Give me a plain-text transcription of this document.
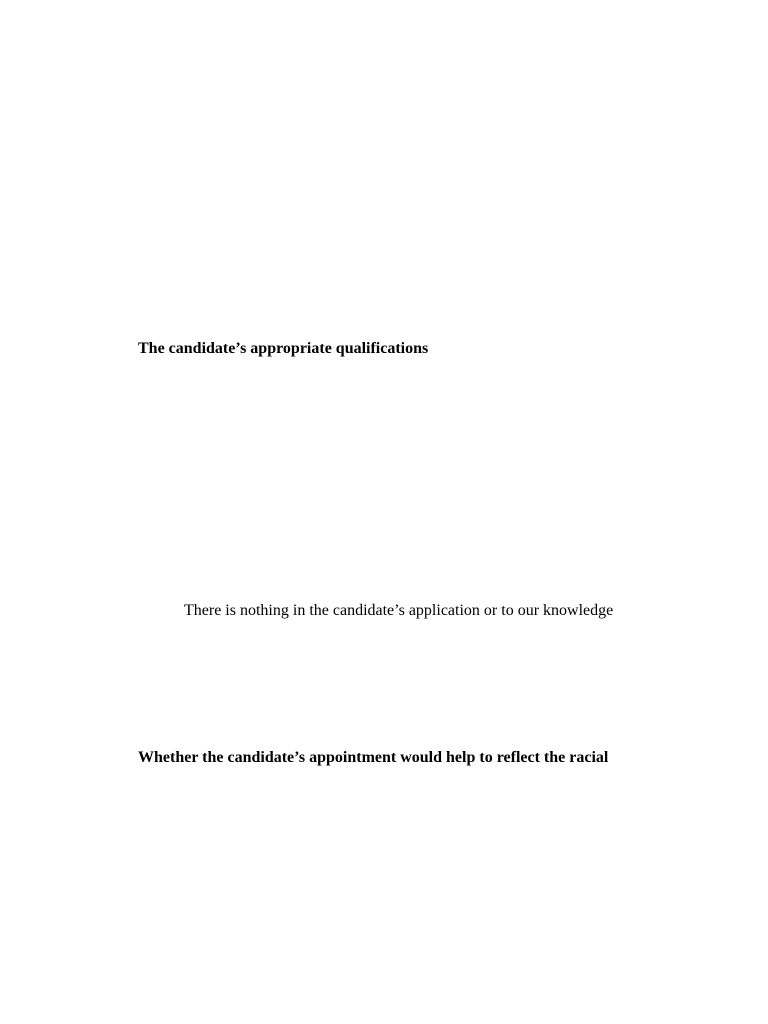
The candidate’s appropriate qualifications
There is nothing in the candidate’s application or to our knowledge
Whether the candidate’s appointment would help to reflect the racial
